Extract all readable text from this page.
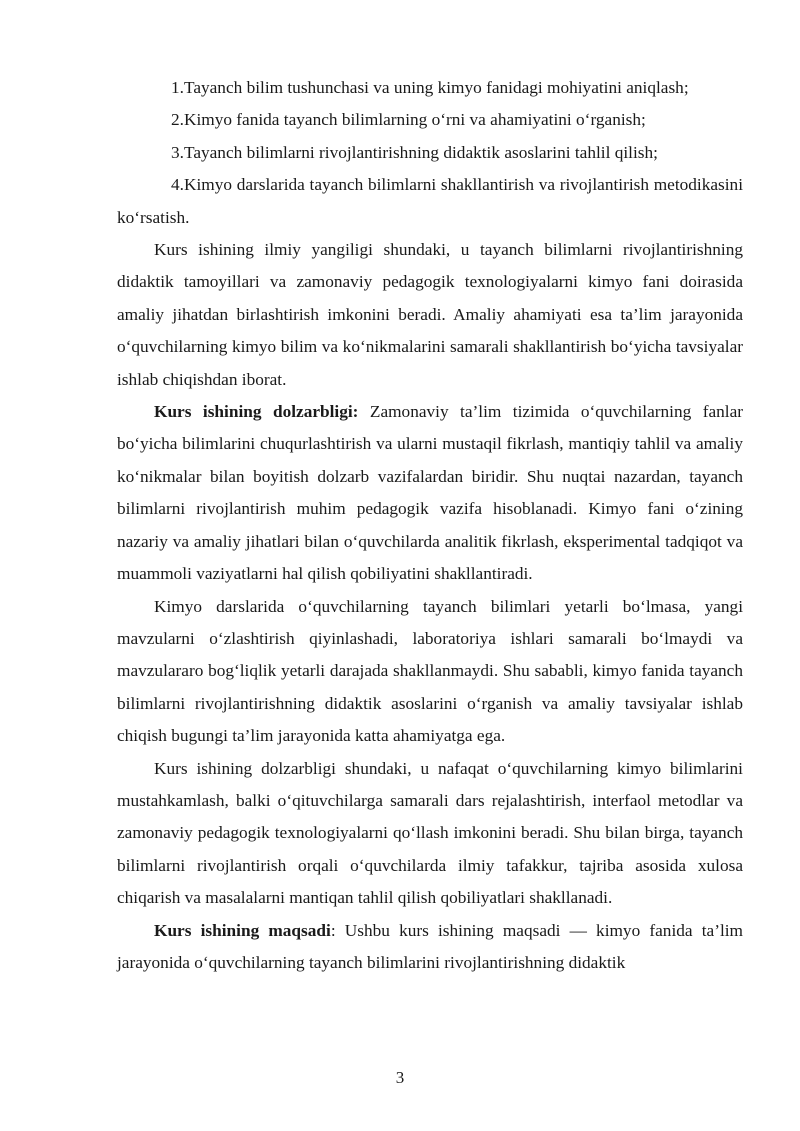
1.Tayanch bilim tushunchasi va uning kimyo fanidagi mohiyatini aniqlash;

2.Kimyo fanida tayanch bilimlarning o‘rni va ahamiyatini o‘rganish;

3.Tayanch bilimlarni rivojlantirishning didaktik asoslarini tahlil qilish;

4.Kimyo darslarida tayanch bilimlarni shakllantirish va rivojlantirish metodikasini ko‘rsatish.

Kurs ishining ilmiy yangiligi shundaki, u tayanch bilimlarni rivojlantirishning didaktik tamoyillari va zamonaviy pedagogik texnologiyalarni kimyo fani doirasida amaliy jihatdan birlashtirish imkonini beradi. Amaliy ahamiyati esa ta’lim jarayonida o‘quvchilarning kimyo bilim va ko‘nikmalarini samarali shakllantirish bo‘yicha tavsiyalar ishlab chiqishdan iborat.

Kurs ishining dolzarbligi: Zamonaviy ta’lim tizimida o‘quvchilarning fanlar bo‘yicha bilimlarini chuqurlashtirish va ularni mustaqil fikrlash, mantiqiy tahlil va amaliy ko‘nikmalar bilan boyitish dolzarb vazifalardan biridir. Shu nuqtai nazardan, tayanch bilimlarni rivojlantirish muhim pedagogik vazifa hisoblanadi. Kimyo fani o‘zining nazariy va amaliy jihatlari bilan o‘quvchilarda analitik fikrlash, eksperimental tadqiqot va muammoli vaziyatlarni hal qilish qobiliyatini shakllantiradi.

Kimyo darslarida o‘quvchilarning tayanch bilimlari yetarli bo‘lmasa, yangi mavzularni o‘zlashtirish qiyinlashadi, laboratoriya ishlari samarali bo‘lmaydi va mavzulararo bog‘liqlik yetarli darajada shakllanmaydi. Shu sababli, kimyo fanida tayanch bilimlarni rivojlantirishning didaktik asoslarini o‘rganish va amaliy tavsiyalar ishlab chiqish bugungi ta’lim jarayonida katta ahamiyatga ega.

Kurs ishining dolzarbligi shundaki, u nafaqat o‘quvchilarning kimyo bilimlarini mustahkamlash, balki o‘qituvchilarga samarali dars rejalashtirish, interfaol metodlar va zamonaviy pedagogik texnologiyalarni qo‘llash imkonini beradi. Shu bilan birga, tayanch bilimlarni rivojlantirish orqali o‘quvchilarda ilmiy tafakkur, tajriba asosida xulosa chiqarish va masalalarni mantiqan tahlil qilish qobiliyatlari shakllanadi.

Kurs ishining maqsadi: Ushbu kurs ishining maqsadi — kimyo fanida ta’lim jarayonida o‘quvchilarning tayanch bilimlarini rivojlantirishning didaktik

3
